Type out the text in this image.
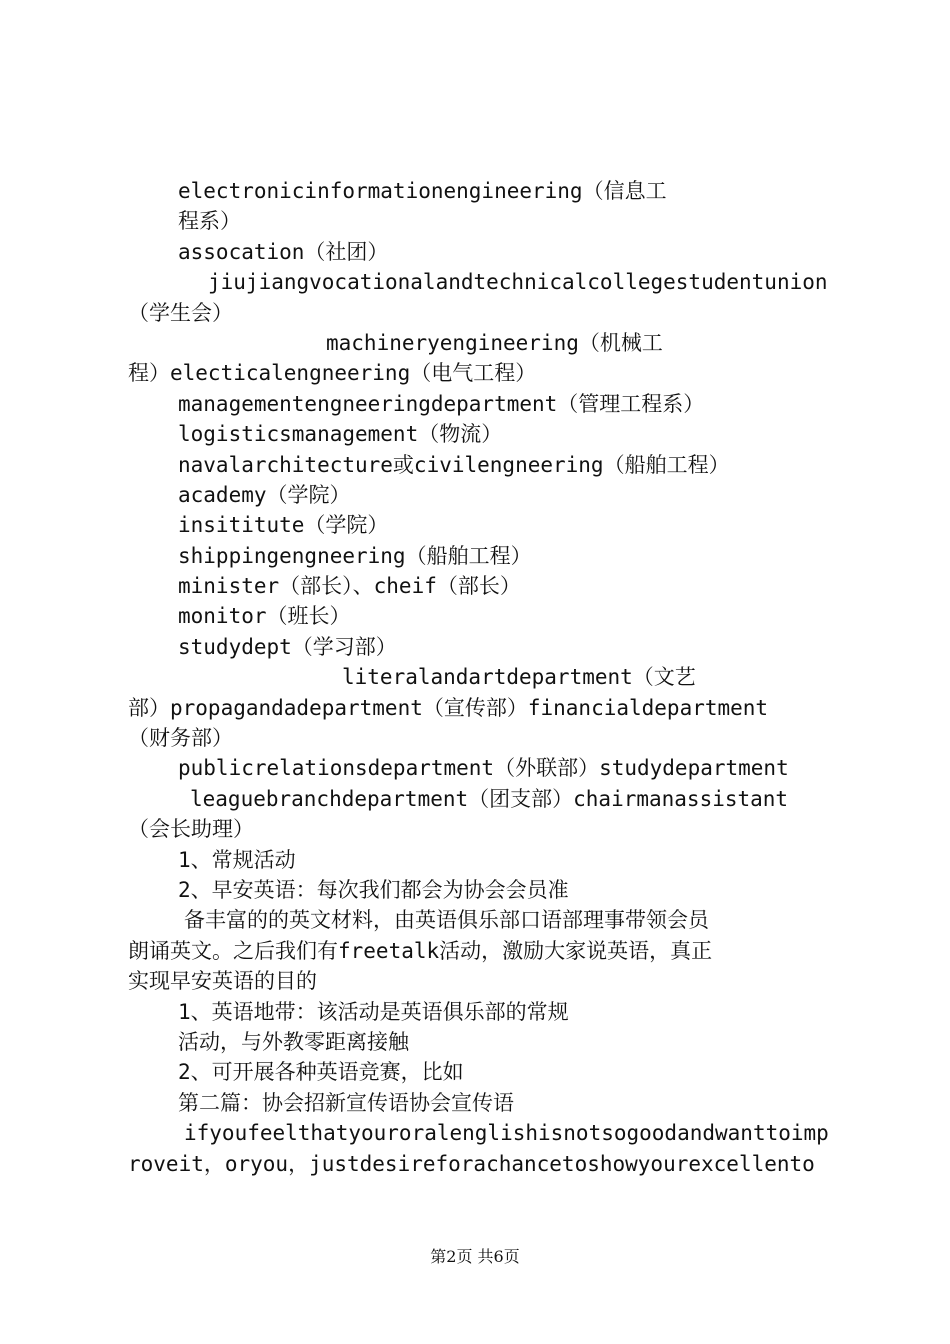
electronicinformationengineering（信息工
程系）
assocation（社团）
jiujiangvocationalandtechnicalcollegestudentunion
（学生会）
machineryengineering（机械工
程）electicalengneering（电气工程）
managementengneeringdepartment（管理工程系）
logisticsmanagement（物流）
navalarchitecture或civilengneering（船舶工程）
academy（学院）
insititute（学院）
shippingengneering（船舶工程）
minister（部长）、cheif（部长）
monitor（班长）
studydept（学习部）
literalandartdepartment（文艺
部）propagandadepartment（宣传部）financialdepartment
（财务部）
publicrelationsdepartment（外联部）studydepartment
leaguebranchdepartment（团支部）chairmanassistant
（会长助理）
1、常规活动
2、早安英语：每次我们都会为协会会员准
备丰富的的英文材料，由英语俱乐部口语部理事带领会员
朗诵英文。之后我们有freetalk活动，激励大家说英语，真正
实现早安英语的目的
1、英语地带：该活动是英语俱乐部的常规
活动，与外教零距离接触
2、可开展各种英语竞赛，比如
第二篇：协会招新宣传语协会宣传语
ifyoufeelthatyouroralenglishisnotsogoodandwanttoimp
roveit，oryou，justdesireforachancetoshowyourexcellento
第2页 共6页
